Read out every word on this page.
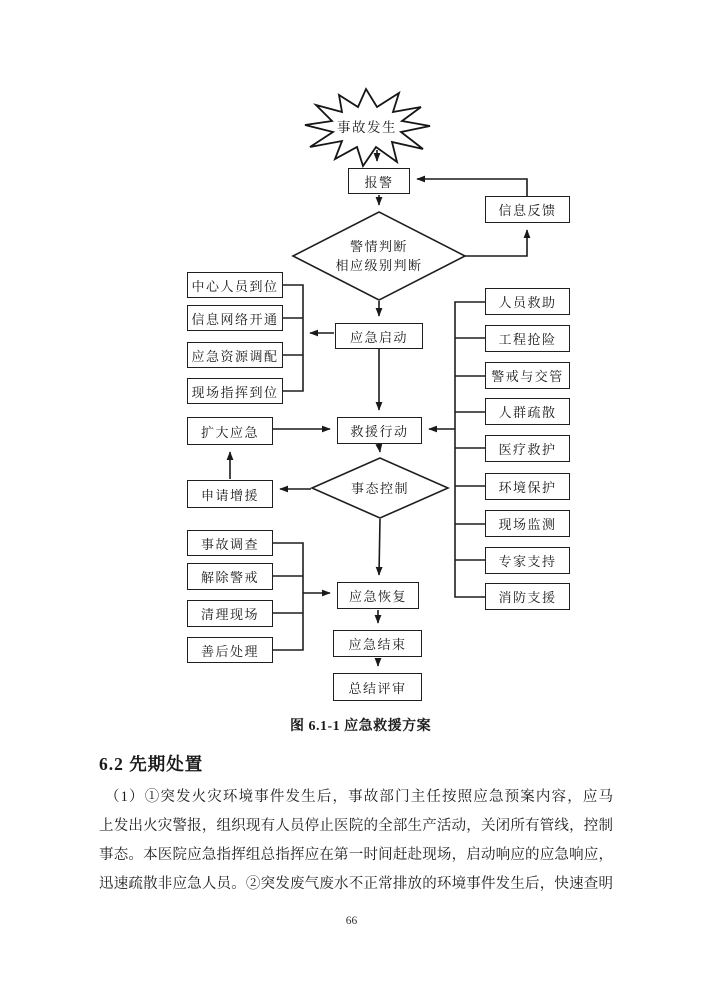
事故发生
报警
信息反馈
警情判断
相应级别判断
应急启动
救援行动
事态控制
应急恢复
应急结束
总结评审
中心人员到位
信息网络开通
应急资源调配
现场指挥到位
扩大应急
申请增援
事故调查
解除警戒
清理现场
善后处理
人员救助
工程抢险
警戒与交管
人群疏散
医疗救护
环境保护
现场监测
专家支持
消防支援
图 6.1-1 应急救援方案
6.2 先期处置
（1）①突发火灾环境事件发生后，事故部门主任按照应急预案内容，应马
上发出火灾警报，组织现有人员停止医院的全部生产活动，关闭所有管线，控制
事态。本医院应急指挥组总指挥应在第一时间赶赴现场，启动响应的应急响应，
迅速疏散非应急人员。②突发废气废水不正常排放的环境事件发生后，快速查明
66
